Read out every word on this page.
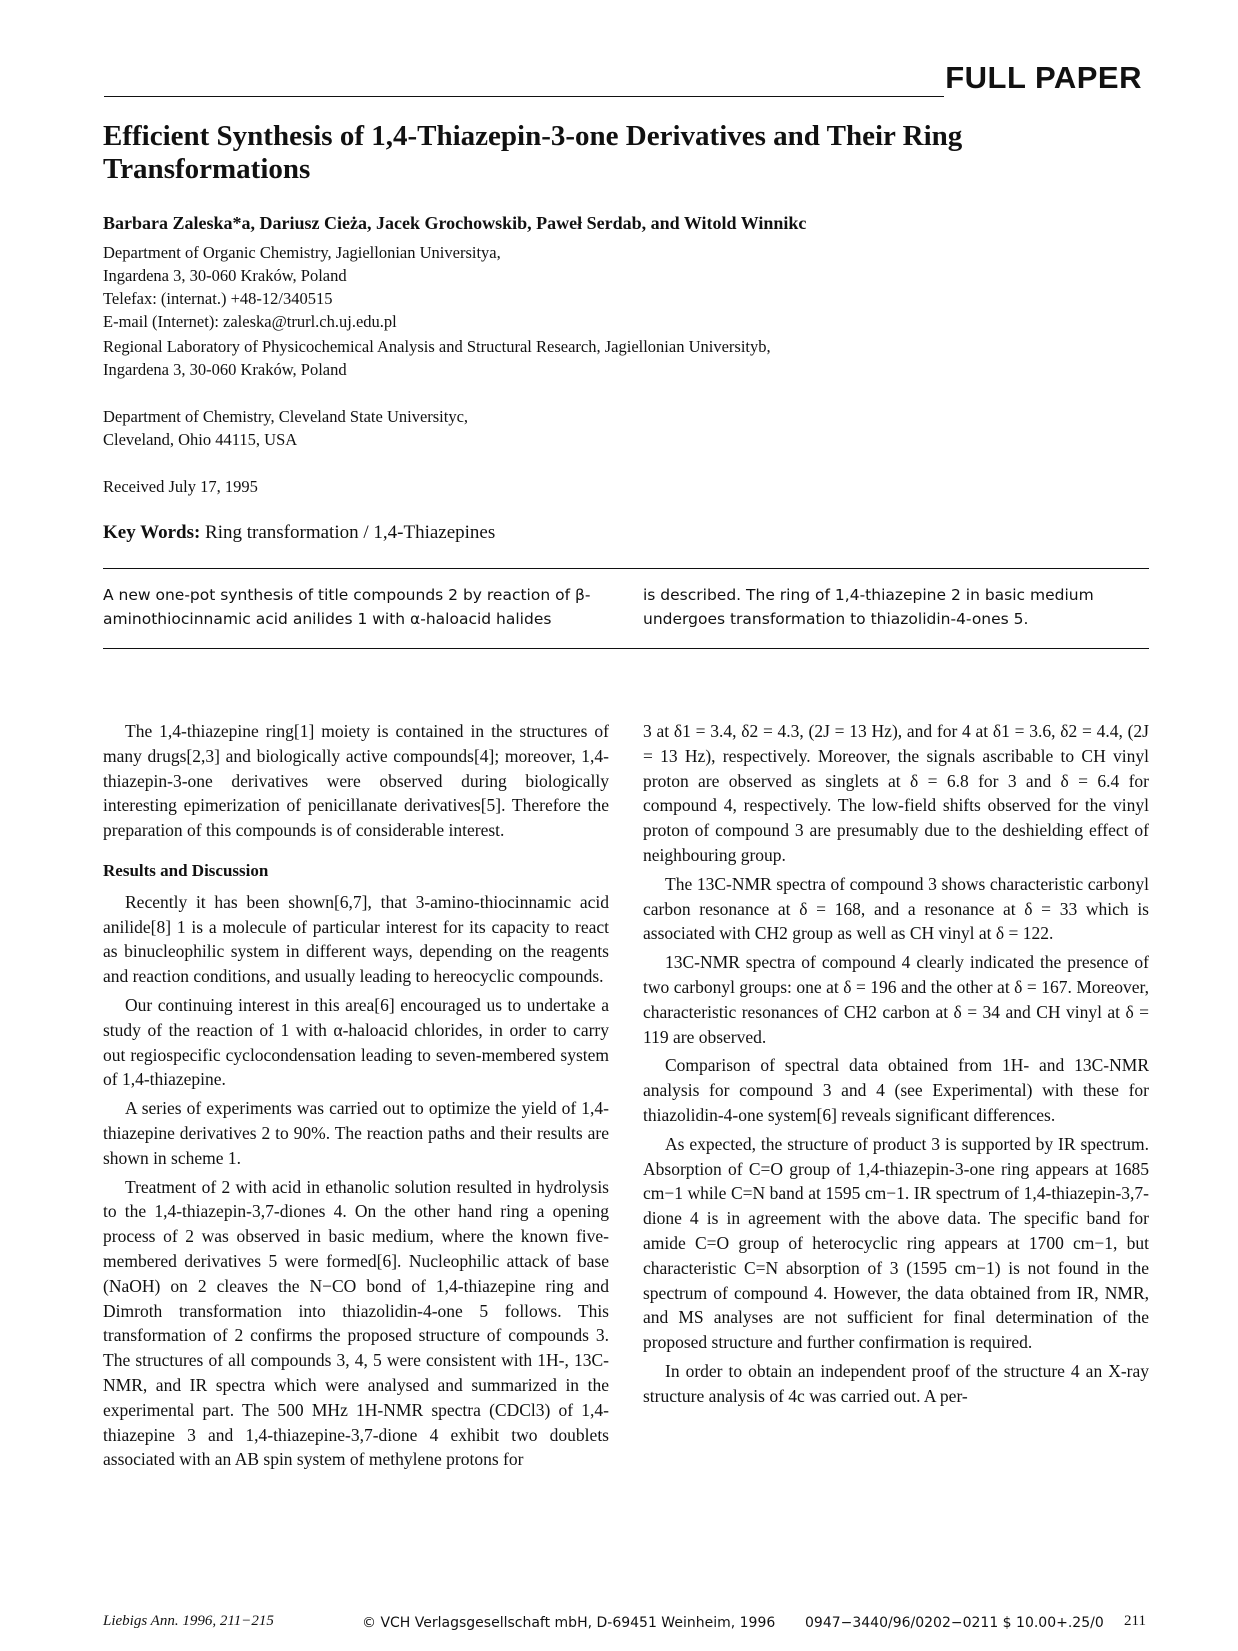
FULL PAPER
Efficient Synthesis of 1,4-Thiazepin-3-one Derivatives and Their Ring Transformations
Barbara Zaleska*a, Dariusz Cieża, Jacek Grochowskib, Paweł Serdab, and Witold Winnikc
Department of Organic Chemistry, Jagiellonian Universitya,
Ingardena 3, 30-060 Kraków, Poland
Telefax: (internat.) +48-12/340515
E-mail (Internet): zaleska@trurl.ch.uj.edu.pl
Regional Laboratory of Physicochemical Analysis and Structural Research, Jagiellonian Universityb,
Ingardena 3, 30-060 Kraków, Poland
Department of Chemistry, Cleveland State Universityc,
Cleveland, Ohio 44115, USA
Received July 17, 1995
Key Words: Ring transformation / 1,4-Thiazepines
A new one-pot synthesis of title compounds 2 by reaction of β-aminothiocinnamic acid anilides 1 with α-haloacid halides
is described. The ring of 1,4-thiazepine 2 in basic medium undergoes transformation to thiazolidin-4-ones 5.

The 1,4-thiazepine ring[1] moiety is contained in the structures of many drugs[2,3] and biologically active compounds[4]; moreover, 1,4-thiazepin-3-one derivatives were observed during biologically interesting epimerization of penicillanate derivatives[5]. Therefore the preparation of this compounds is of considerable interest.

Results and Discussion

Recently it has been shown[6,7], that 3-amino-thiocinnamic acid anilide[8] 1 is a molecule of particular interest for its capacity to react as binucleophilic system in different ways, depending on the reagents and reaction conditions, and usually leading to hereocyclic compounds.

Our continuing interest in this area[6] encouraged us to undertake a study of the reaction of 1 with α-haloacid chlorides, in order to carry out regiospecific cyclocondensation leading to seven-membered system of 1,4-thiazepine.

A series of experiments was carried out to optimize the yield of 1,4-thiazepine derivatives 2 to 90%. The reaction paths and their results are shown in scheme 1.

Treatment of 2 with acid in ethanolic solution resulted in hydrolysis to the 1,4-thiazepin-3,7-diones 4. On the other hand ring a opening process of 2 was observed in basic medium, where the known five-membered derivatives 5 were formed[6]. Nucleophilic attack of base (NaOH) on 2 cleaves the N−CO bond of 1,4-thiazepine ring and Dimroth transformation into thiazolidin-4-one 5 follows. This transformation of 2 confirms the proposed structure of compounds 3. The structures of all compounds 3, 4, 5 were consistent with 1H-, 13C-NMR, and IR spectra which were analysed and summarized in the experimental part. The 500 MHz 1H-NMR spectra (CDCl3) of 1,4-thiazepine 3 and 1,4-thiazepine-3,7-dione 4 exhibit two doublets associated with an AB spin system of methylene protons for

3 at δ1 = 3.4, δ2 = 4.3, (2J = 13 Hz), and for 4 at δ1 = 3.6, δ2 = 4.4, (2J = 13 Hz), respectively. Moreover, the signals ascribable to CH vinyl proton are observed as singlets at δ = 6.8 for 3 and δ = 6.4 for compound 4, respectively. The low-field shifts observed for the vinyl proton of compound 3 are presumably due to the deshielding effect of neighbouring group.

The 13C-NMR spectra of compound 3 shows characteristic carbonyl carbon resonance at δ = 168, and a resonance at δ = 33 which is associated with CH2 group as well as CH vinyl at δ = 122.

13C-NMR spectra of compound 4 clearly indicated the presence of two carbonyl groups: one at δ = 196 and the other at δ = 167. Moreover, characteristic resonances of CH2 carbon at δ = 34 and CH vinyl at δ = 119 are observed.

Comparison of spectral data obtained from 1H- and 13C-NMR analysis for compound 3 and 4 (see Experimental) with these for thiazolidin-4-one system[6] reveals significant differences.

As expected, the structure of product 3 is supported by IR spectrum. Absorption of C=O group of 1,4-thiazepin-3-one ring appears at 1685 cm−1 while C=N band at 1595 cm−1. IR spectrum of 1,4-thiazepin-3,7-dione 4 is in agreement with the above data. The specific band for amide C=O group of heterocyclic ring appears at 1700 cm−1, but characteristic C=N absorption of 3 (1595 cm−1) is not found in the spectrum of compound 4. However, the data obtained from IR, NMR, and MS analyses are not sufficient for final determination of the proposed structure and further confirmation is required.

In order to obtain an independent proof of the structure 4 an X-ray structure analysis of 4c was carried out. A per-

Liebigs Ann. 1996, 211−215	© VCH Verlagsgesellschaft mbH, D-69451 Weinheim, 1996 0947−3440/96/0202−0211 $ 10.00+.25/0 211
